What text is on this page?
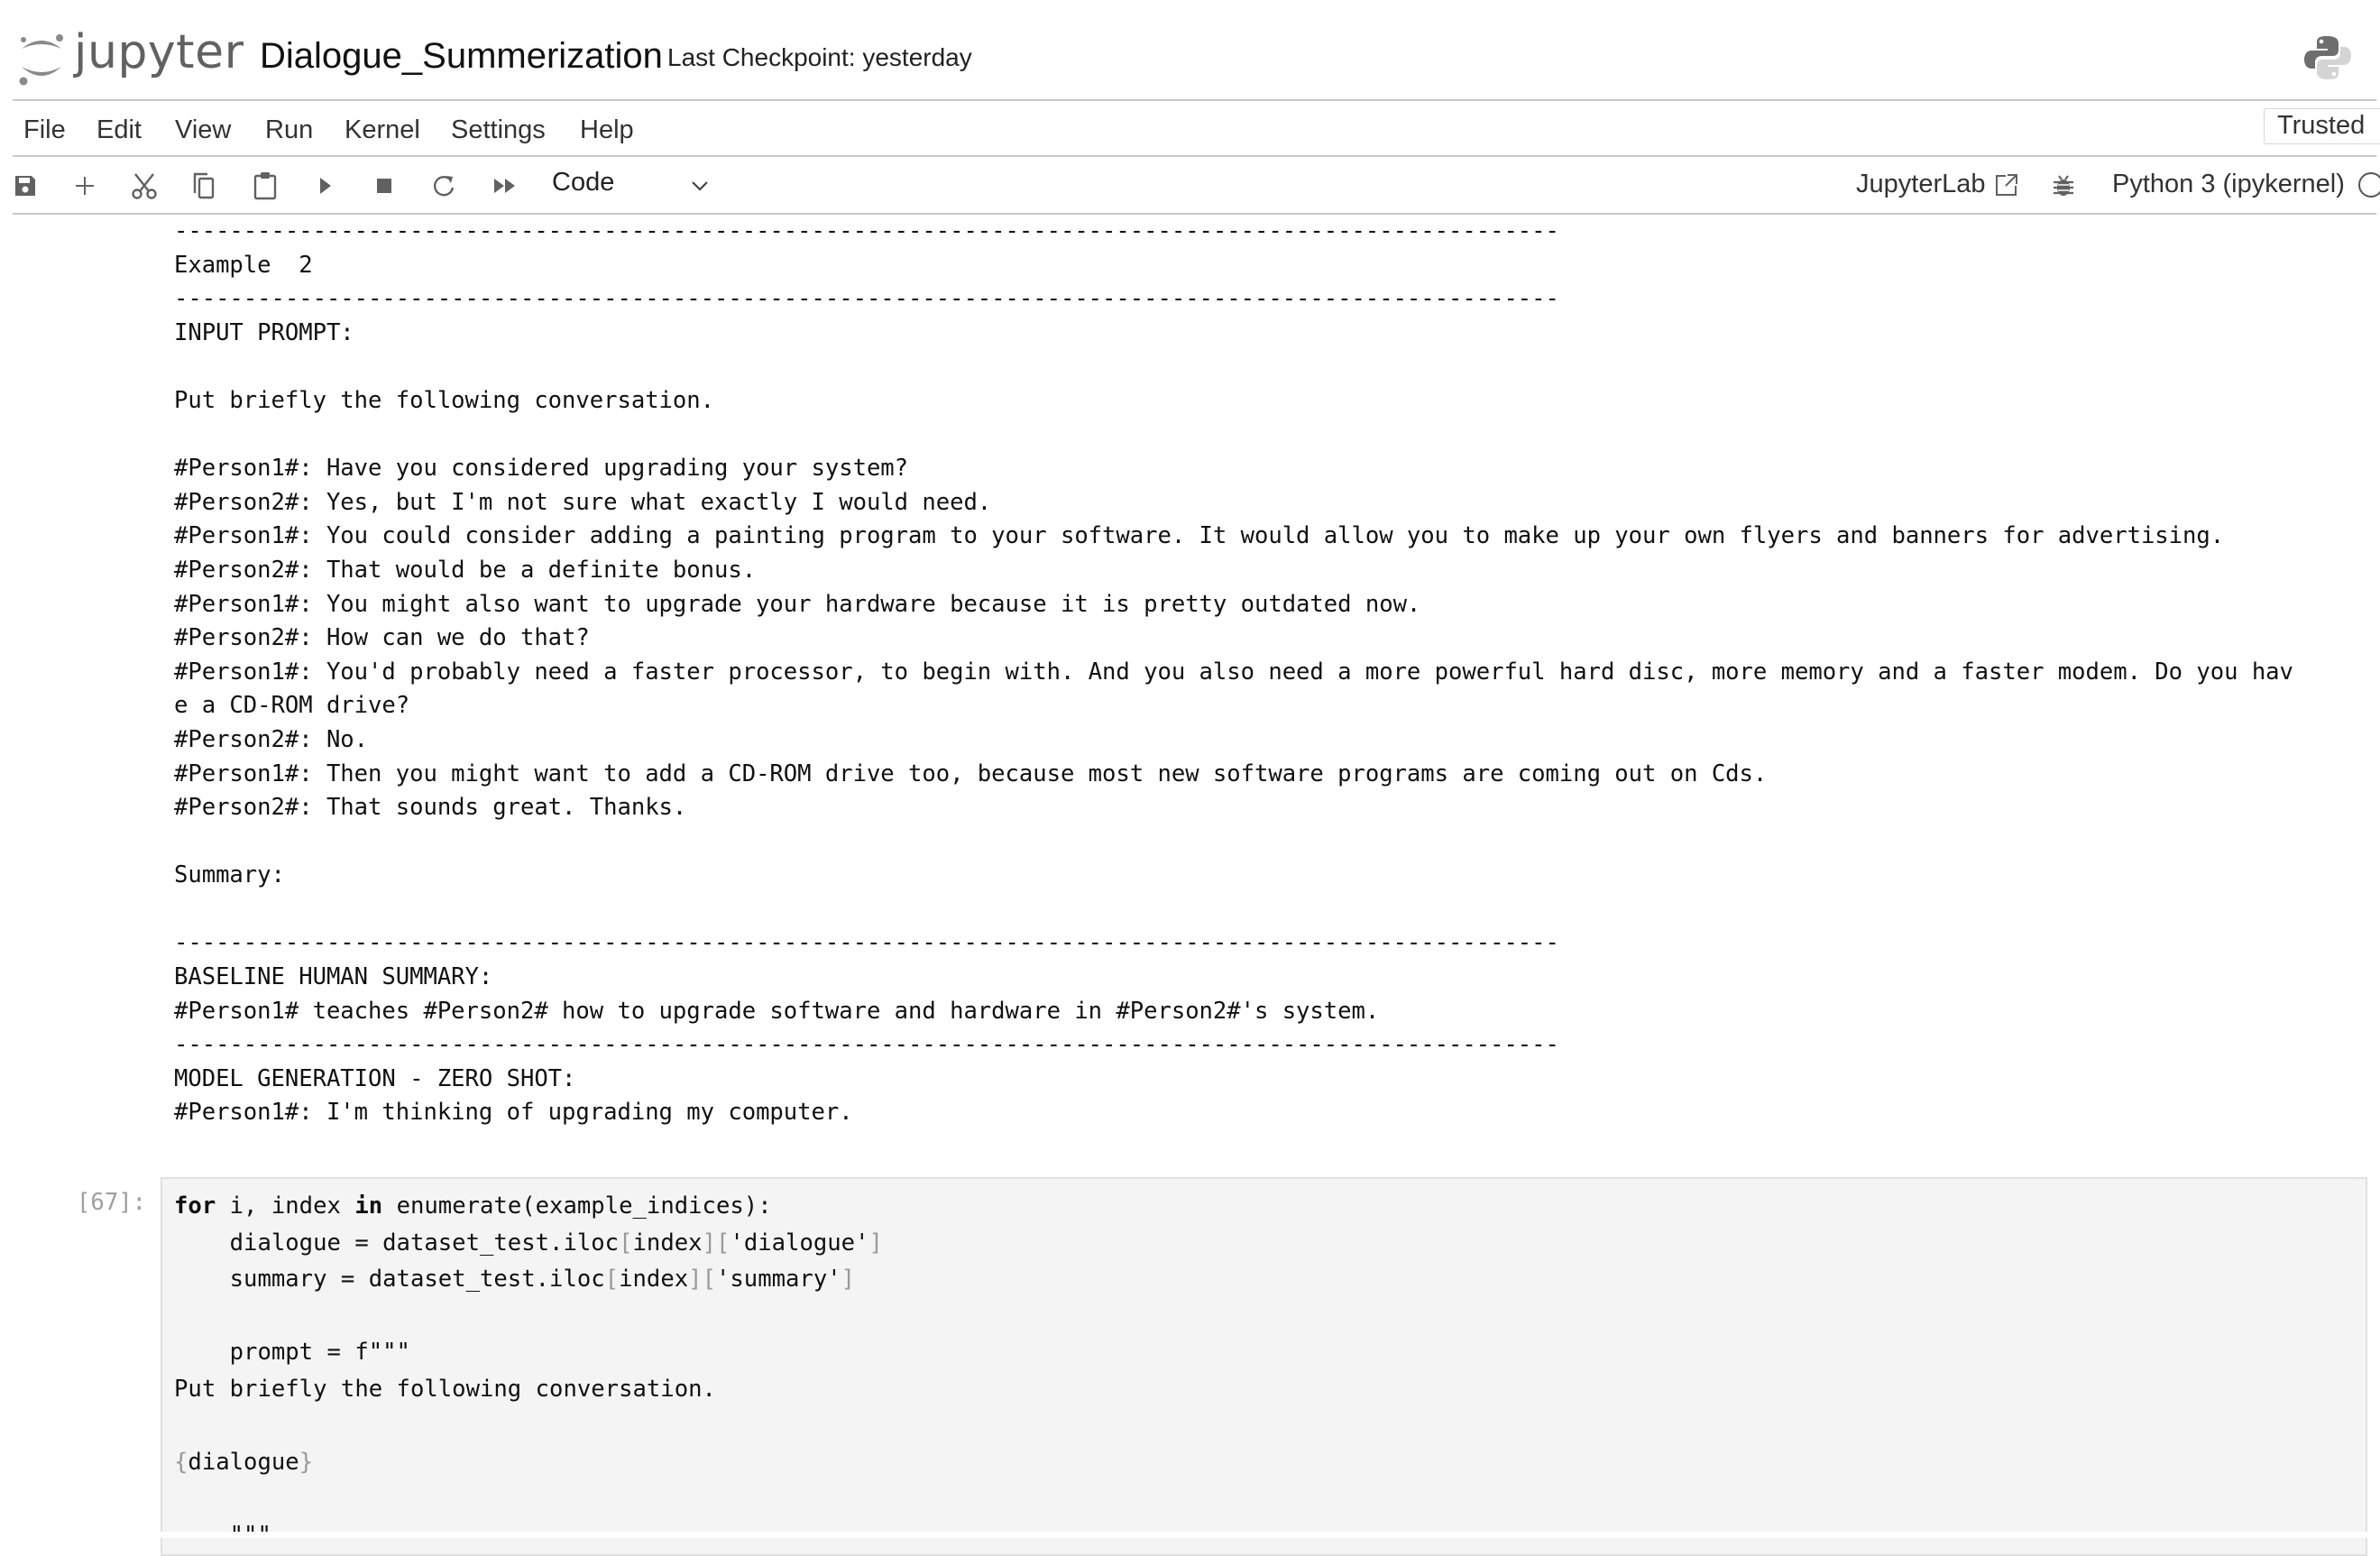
jupyter Dialogue_Summerization Last Checkpoint: yesterday
File Edit View Run Kernel Settings Help	Trusted
Code	JupyterLab	Python 3 (ipykernel)
----------------------------------------------------------------------------------------------------
Example  2
----------------------------------------------------------------------------------------------------
INPUT PROMPT:

Put briefly the following conversation.

#Person1#: Have you considered upgrading your system?
#Person2#: Yes, but I'm not sure what exactly I would need.
#Person1#: You could consider adding a painting program to your software. It would allow you to make up your own flyers and banners for advertising.
#Person2#: That would be a definite bonus.
#Person1#: You might also want to upgrade your hardware because it is pretty outdated now.
#Person2#: How can we do that?
#Person1#: You'd probably need a faster processor, to begin with. And you also need a more powerful hard disc, more memory and a faster modem. Do you hav
e a CD-ROM drive?
#Person2#: No.
#Person1#: Then you might want to add a CD-ROM drive too, because most new software programs are coming out on Cds.
#Person2#: That sounds great. Thanks.

Summary:

----------------------------------------------------------------------------------------------------
BASELINE HUMAN SUMMARY:
#Person1# teaches #Person2# how to upgrade software and hardware in #Person2#'s system.
----------------------------------------------------------------------------------------------------
MODEL GENERATION - ZERO SHOT:
#Person1#: I'm thinking of upgrading my computer.
[67]: for i, index in enumerate(example_indices):
dialogue = dataset_test.iloc[index]['dialogue']
summary = dataset_test.iloc[index]['summary']

prompt = f"""
Put briefly the following conversation.

{dialogue}
